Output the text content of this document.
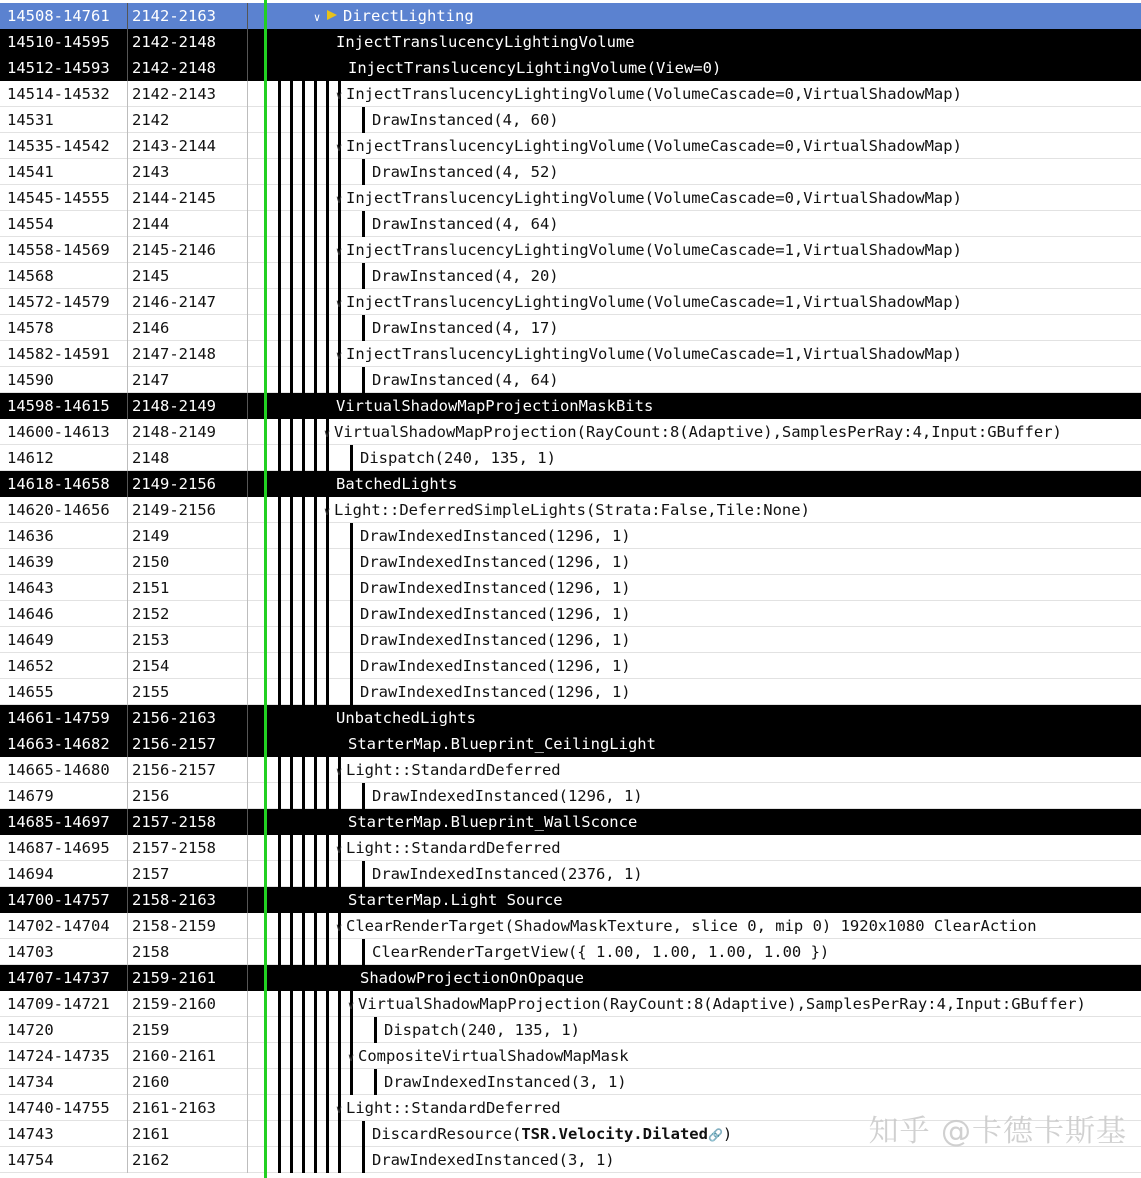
14508-14761	2142-2163	∨ DirectLighting
14510-14595	2142-2148	InjectTranslucencyLightingVolume
14512-14593	2142-2148	InjectTranslucencyLightingVolume(View=0)
14514-14532	2142-2143	∨ InjectTranslucencyLightingVolume(VolumeCascade=0,VirtualShadowMap)
14531	2142	DrawInstanced(4, 60)
14535-14542	2143-2144	∨ InjectTranslucencyLightingVolume(VolumeCascade=0,VirtualShadowMap)
14541	2143	DrawInstanced(4, 52)
14545-14555	2144-2145	∨ InjectTranslucencyLightingVolume(VolumeCascade=0,VirtualShadowMap)
14554	2144	DrawInstanced(4, 64)
14558-14569	2145-2146	∨ InjectTranslucencyLightingVolume(VolumeCascade=1,VirtualShadowMap)
14568	2145	DrawInstanced(4, 20)
14572-14579	2146-2147	∨ InjectTranslucencyLightingVolume(VolumeCascade=1,VirtualShadowMap)
14578	2146	DrawInstanced(4, 17)
14582-14591	2147-2148	∨ InjectTranslucencyLightingVolume(VolumeCascade=1,VirtualShadowMap)
14590	2147	DrawInstanced(4, 64)
14598-14615	2148-2149	VirtualShadowMapProjectionMaskBits
14600-14613	2148-2149	∨ VirtualShadowMapProjection(RayCount:8(Adaptive),SamplesPerRay:4,Input:GBuffer)
14612	2148	Dispatch(240, 135, 1)
14618-14658	2149-2156	BatchedLights
14620-14656	2149-2156	∨ Light::DeferredSimpleLights(Strata:False,Tile:None)
14636	2149	DrawIndexedInstanced(1296, 1)
14639	2150	DrawIndexedInstanced(1296, 1)
14643	2151	DrawIndexedInstanced(1296, 1)
14646	2152	DrawIndexedInstanced(1296, 1)
14649	2153	DrawIndexedInstanced(1296, 1)
14652	2154	DrawIndexedInstanced(1296, 1)
14655	2155	DrawIndexedInstanced(1296, 1)
14661-14759	2156-2163	UnbatchedLights
14663-14682	2156-2157	StarterMap.Blueprint_CeilingLight
14665-14680	2156-2157	∨ Light::StandardDeferred
14679	2156	DrawIndexedInstanced(1296, 1)
14685-14697	2157-2158	StarterMap.Blueprint_WallSconce
14687-14695	2157-2158	∨ Light::StandardDeferred
14694	2157	DrawIndexedInstanced(2376, 1)
14700-14757	2158-2163	StarterMap.Light Source
14702-14704	2158-2159	∨ ClearRenderTarget(ShadowMaskTexture, slice 0, mip 0) 1920x1080 ClearAction
14703	2158	ClearRenderTargetView({ 1.00, 1.00, 1.00, 1.00 })
14707-14737	2159-2161	ShadowProjectionOnOpaque
14709-14721	2159-2160	∨ VirtualShadowMapProjection(RayCount:8(Adaptive),SamplesPerRay:4,Input:GBuffer)
14720	2159	Dispatch(240, 135, 1)
14724-14735	2160-2161	∨ CompositeVirtualShadowMapMask
14734	2160	DrawIndexedInstanced(3, 1)
14740-14755	2161-2163	∨ Light::StandardDeferred
14743	2161	DiscardResource(TSR.Velocity.Dilated🔗)
14754	2162	DrawIndexedInstanced(3, 1)
知乎 @卡德卡斯基
